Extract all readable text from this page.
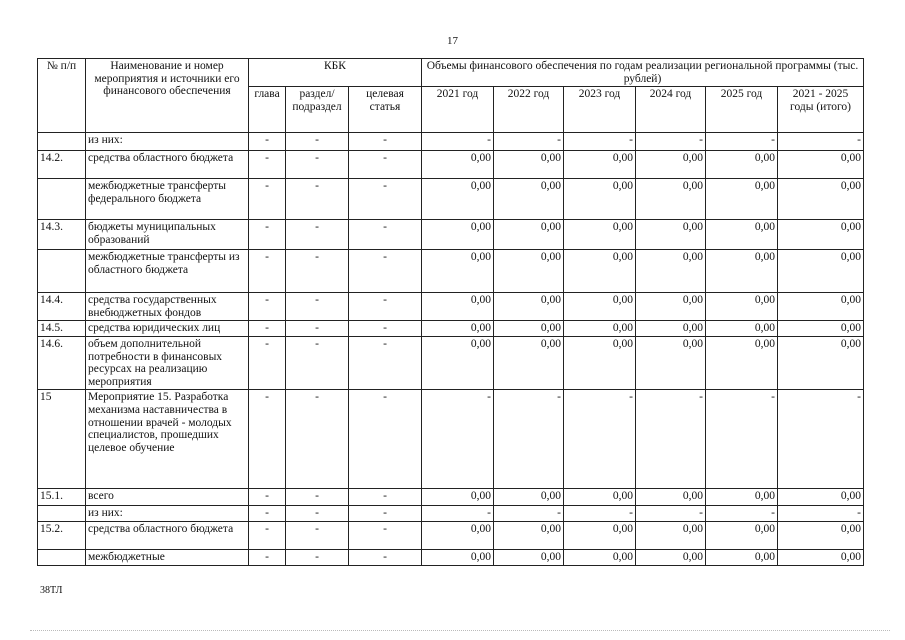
17
№ п/п	Наименование и номер мероприятия и источники его финансового обеспечения	КБК			Объемы финансового обеспечения по годам реализации региональной программы (тыс. рублей)					
		глава	раздел/ подраздел	целевая статья	2021 год	2022 год	2023 год	2024 год	2025 год	2021 - 2025 годы (итого)
	из них:	-	-	-	-	-	-	-	-	-
14.2.	средства областного бюджета	-	-	-	0,00	0,00	0,00	0,00	0,00	0,00
	межбюджетные трансферты федерального бюджета	-	-	-	0,00	0,00	0,00	0,00	0,00	0,00
14.3.	бюджеты муниципальных образований	-	-	-	0,00	0,00	0,00	0,00	0,00	0,00
	межбюджетные трансферты из областного бюджета	-	-	-	0,00	0,00	0,00	0,00	0,00	0,00
14.4.	средства государственных внебюджетных фондов	-	-	-	0,00	0,00	0,00	0,00	0,00	0,00
14.5.	средства юридических лиц	-	-	-	0,00	0,00	0,00	0,00	0,00	0,00
14.6.	объем дополнительной потребности в финансовых ресурсах на реализацию мероприятия	-	-	-	0,00	0,00	0,00	0,00	0,00	0,00
15	Мероприятие 15. Разработка механизма наставничества в отношении врачей - молодых специалистов, прошедших целевое обучение	-	-	-	-	-	-	-	-	-
15.1.	всего	-	-	-	0,00	0,00	0,00	0,00	0,00	0,00
	из них:	-	-	-	-	-	-	-	-	-
15.2.	средства областного бюджета	-	-	-	0,00	0,00	0,00	0,00	0,00	0,00
	межбюджетные	-	-	-	0,00	0,00	0,00	0,00	0,00	0,00
38ТЛ
